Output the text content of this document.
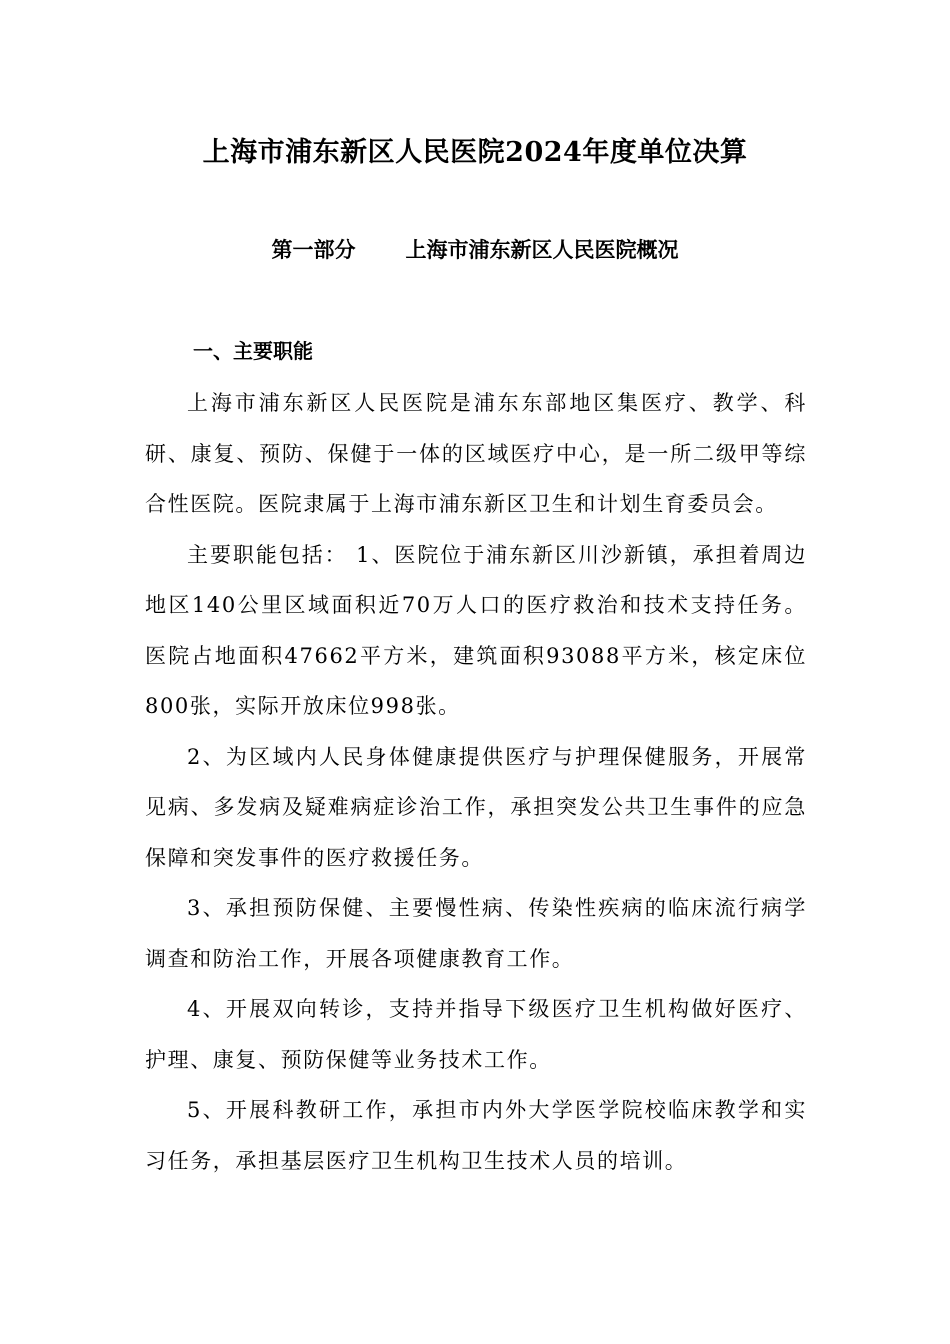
上海市浦东新区人民医院2024年度单位决算
第一部分 上海市浦东新区人民医院概况
一、主要职能

上海市浦东新区人民医院是浦东东部地区集医疗、教学、科研、康复、预防、保健于一体的区域医疗中心，是一所二级甲等综合性医院。医院隶属于上海市浦东新区卫生和计划生育委员会。

主要职能包括： 1、医院位于浦东新区川沙新镇，承担着周边地区140公里区域面积近70万人口的医疗救治和技术支持任务。医院占地面积47662平方米，建筑面积93088平方米，核定床位800张，实际开放床位998张。

2、为区域内人民身体健康提供医疗与护理保健服务，开展常见病、多发病及疑难病症诊治工作，承担突发公共卫生事件的应急保障和突发事件的医疗救援任务。

3、承担预防保健、主要慢性病、传染性疾病的临床流行病学调查和防治工作，开展各项健康教育工作。

4、开展双向转诊，支持并指导下级医疗卫生机构做好医疗、护理、康复、预防保健等业务技术工作。

5、开展科教研工作，承担市内外大学医学院校临床教学和实习任务，承担基层医疗卫生机构卫生技术人员的培训。
